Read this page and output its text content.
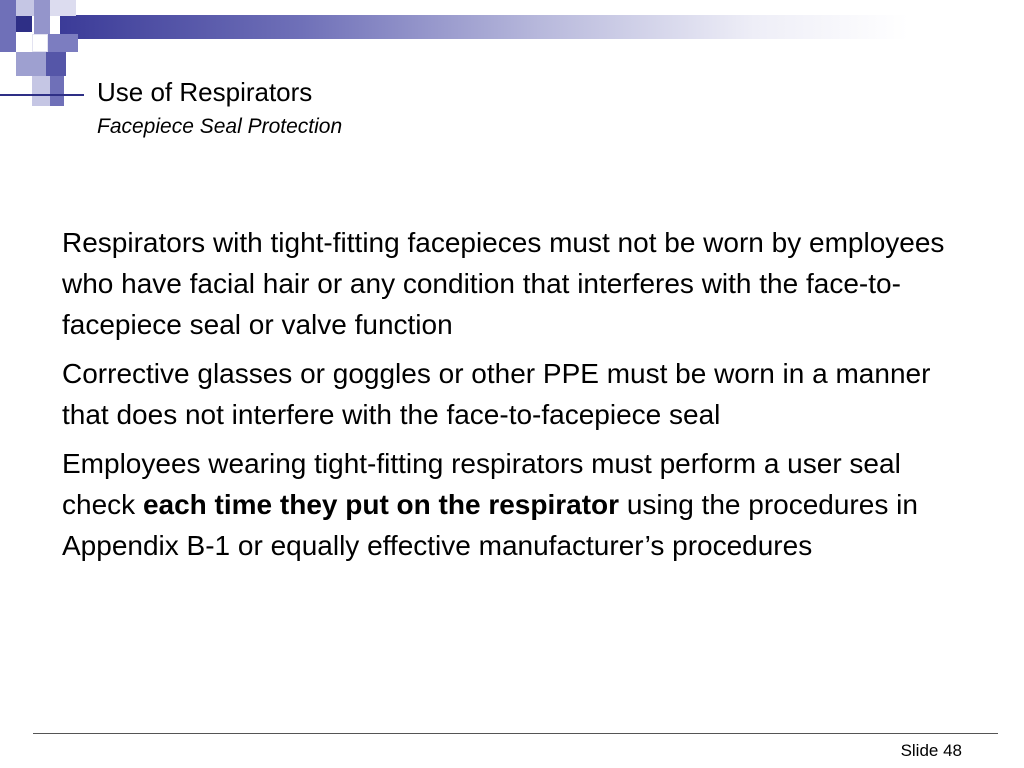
Use of Respirators
Facepiece Seal Protection

Respirators with tight-fitting facepieces must not be worn by employees who have facial hair or any condition that interferes with the face-to-facepiece seal or valve function

Corrective glasses or goggles or other PPE must be worn in a manner that does not interfere with the face-to-facepiece seal

Employees wearing tight-fitting respirators must perform a user seal check each time they put on the respirator using the procedures in Appendix B-1 or equally effective manufacturer’s procedures

Slide 48
